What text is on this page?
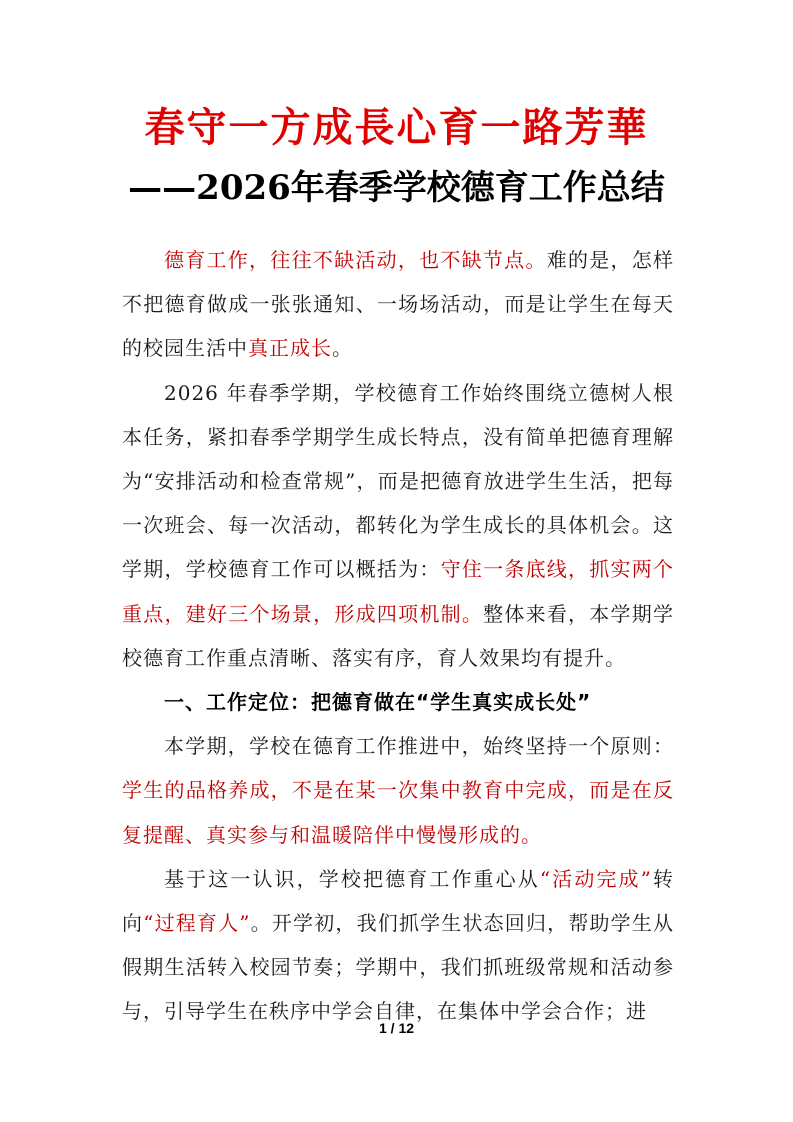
春守一方成長心育一路芳華
——2026年春季学校德育工作总结

德育工作，往往不缺活动，也不缺节点。难的是，怎样不把德育做成一张张通知、一场场活动，而是让学生在每天的校园生活中真正成长。

2026 年春季学期，学校德育工作始终围绕立德树人根本任务，紧扣春季学期学生成长特点，没有简单把德育理解为“安排活动和检查常规”，而是把德育放进学生生活，把每一次班会、每一次活动，都转化为学生成长的具体机会。这学期，学校德育工作可以概括为：守住一条底线，抓实两个重点，建好三个场景，形成四项机制。整体来看，本学期学校德育工作重点清晰、落实有序，育人效果均有提升。

一、工作定位：把德育做在“学生真实成长处”

本学期，学校在德育工作推进中，始终坚持一个原则：学生的品格养成，不是在某一次集中教育中完成，而是在反复提醒、真实参与和温暖陪伴中慢慢形成的。

基于这一认识，学校把德育工作重心从“活动完成”转向“过程育人”。开学初，我们抓学生状态回归，帮助学生从假期生活转入校园节奏；学期中，我们抓班级常规和活动参与，引导学生在秩序中学会自律，在集体中学会合作；进

1 / 12
